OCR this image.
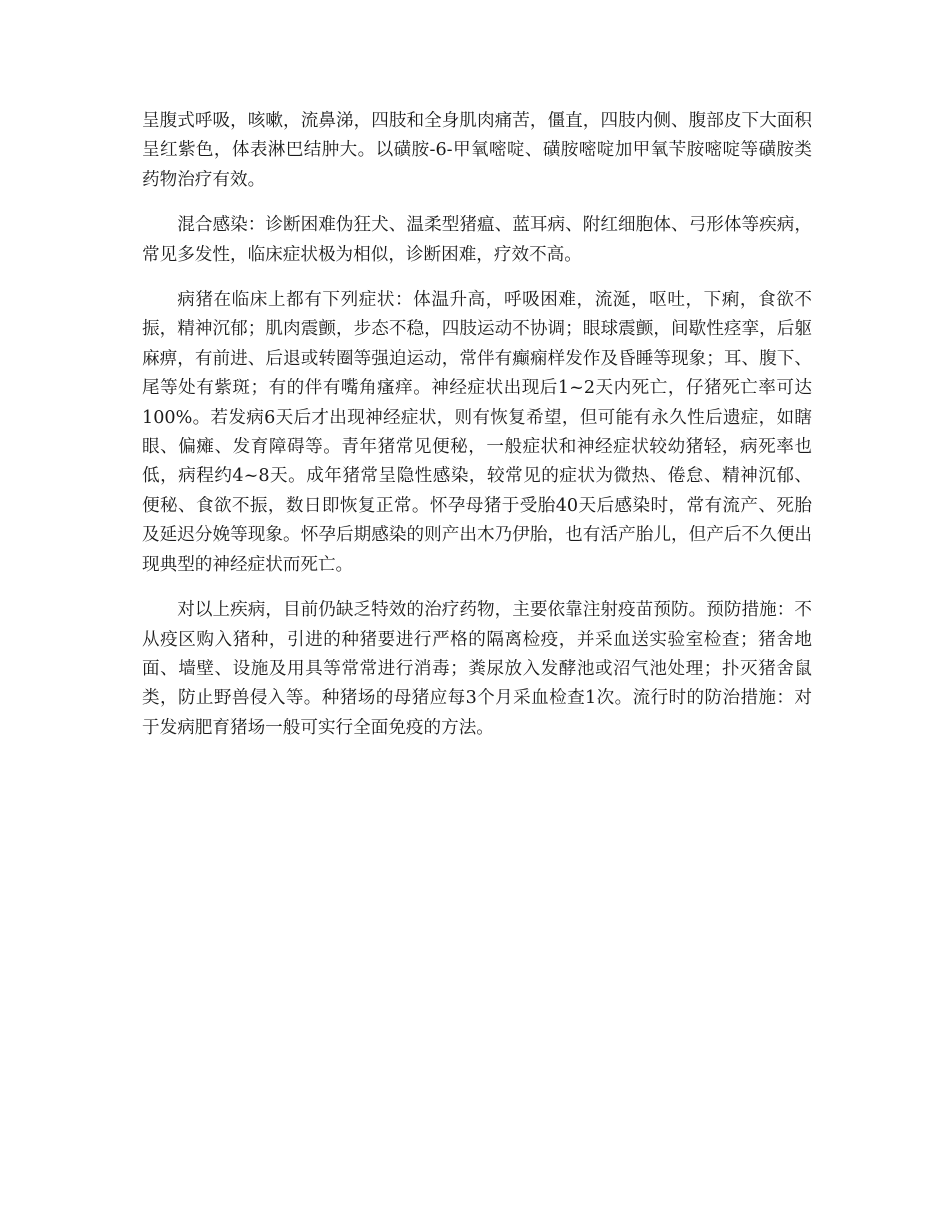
呈腹式呼吸，咳嗽，流鼻涕，四肢和全身肌肉痛苦，僵直，四肢内侧、腹部皮下大面积呈红紫色，体表淋巴结肿大。以磺胺-6-甲氧嘧啶、磺胺嘧啶加甲氧苄胺嘧啶等磺胺类药物治疗有效。

混合感染：诊断困难伪狂犬、温柔型猪瘟、蓝耳病、附红细胞体、弓形体等疾病，常见多发性，临床症状极为相似，诊断困难，疗效不高。

病猪在临床上都有下列症状：体温升高，呼吸困难，流涎，呕吐，下痢，食欲不振，精神沉郁；肌肉震颤，步态不稳，四肢运动不协调；眼球震颤，间歇性痉挛，后躯麻痹，有前进、后退或转圈等强迫运动，常伴有癫痫样发作及昏睡等现象；耳、腹下、尾等处有紫斑；有的伴有嘴角瘙痒。神经症状出现后1~2天内死亡，仔猪死亡率可达100%。若发病6天后才出现神经症状，则有恢复希望，但可能有永久性后遗症，如瞎眼、偏瘫、发育障碍等。青年猪常见便秘，一般症状和神经症状较幼猪轻，病死率也低，病程约4~8天。成年猪常呈隐性感染，较常见的症状为微热、倦怠、精神沉郁、便秘、食欲不振，数日即恢复正常。怀孕母猪于受胎40天后感染时，常有流产、死胎及延迟分娩等现象。怀孕后期感染的则产出木乃伊胎，也有活产胎儿，但产后不久便出现典型的神经症状而死亡。

对以上疾病，目前仍缺乏特效的治疗药物，主要依靠注射疫苗预防。预防措施：不从疫区购入猪种，引进的种猪要进行严格的隔离检疫，并采血送实验室检查；猪舍地面、墙壁、设施及用具等常常进行消毒；粪尿放入发酵池或沼气池处理；扑灭猪舍鼠类，防止野兽侵入等。种猪场的母猪应每3个月采血检查1次。流行时的防治措施：对于发病肥育猪场一般可实行全面免疫的方法。
